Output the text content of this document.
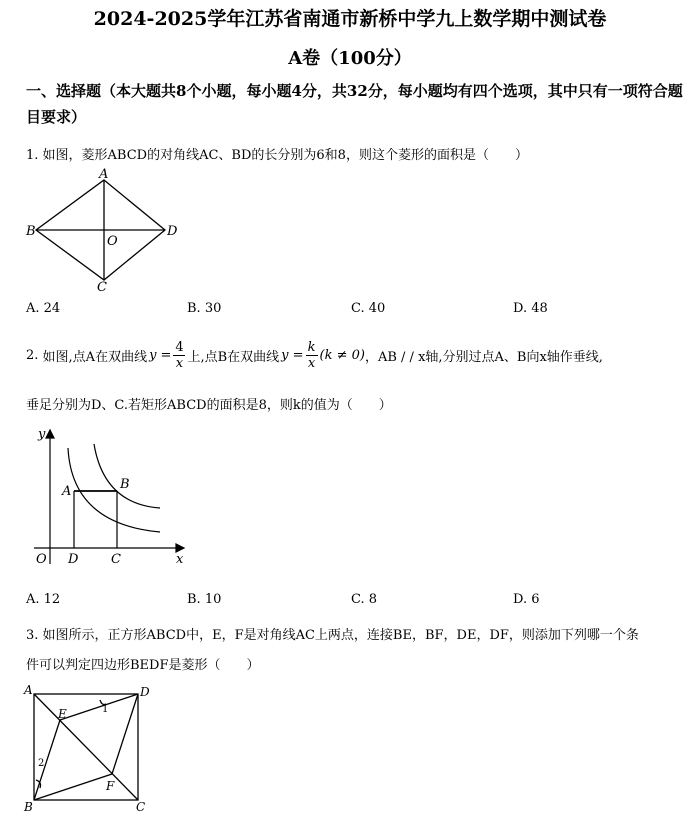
2024-2025学年江苏省南通市新桥中学九上数学期中测试卷
A卷（100分）
一、选择题（本大题共8个小题，每小题4分，共32分，每小题均有四个选项，其中只有一项符合题目要求）
1. 如图，菱形ABCD的对角线AC、BD的长分别为6和8，则这个菱形的面积是（　　）
A
B
C
D
O
A. 24	B. 30	C. 40	D. 48
2.
如图,点A在双曲线 y =
4
x 上,点B在双曲线 y =
k
x
(k ≠ 0) ，AB / / x轴,分别过点A、B向x轴作垂线,
垂足分别为D、C.若矩形ABCD的面积是8，则k的值为（　　）
y
x
O
A	B
D	C
A. 12	B. 10	C. 8	D. 6
3. 如图所示，正方形ABCD中，E，F是对角线AC上两点，连接BE，BF，DE，DF，则添加下列哪一个条
件可以判定四边形BEDF是菱形（　　）
A	D
E
F
B	C
1
2
